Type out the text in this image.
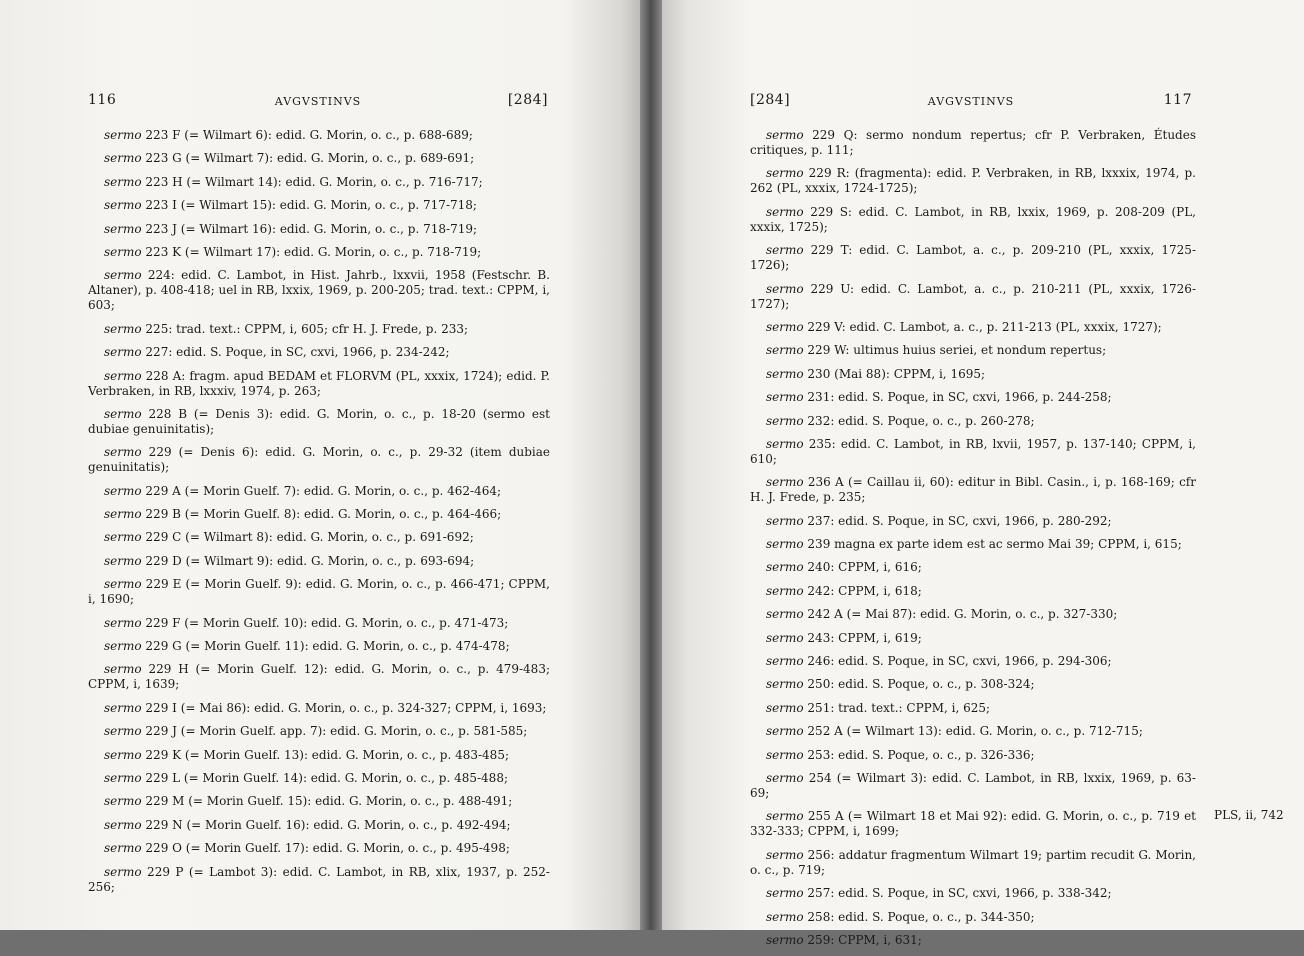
116	AVGVSTINVS	[284]

sermo 223 F (= Wilmart 6): edid. G. Morin, o. c., p. 688-689;

sermo 223 G (= Wilmart 7): edid. G. Morin, o. c., p. 689-691;

sermo 223 H (= Wilmart 14): edid. G. Morin, o. c., p. 716-717;

sermo 223 I (= Wilmart 15): edid. G. Morin, o. c., p. 717-718;

sermo 223 J (= Wilmart 16): edid. G. Morin, o. c., p. 718-719;

sermo 223 K (= Wilmart 17): edid. G. Morin, o. c., p. 718-719;

sermo 224: edid. C. Lambot, in Hist. Jahrb., lxxvii, 1958 (Festschr. B. Altaner), p. 408-418; uel in RB, lxxix, 1969, p. 200-205; trad. text.: CPPM, i, 603;

sermo 225: trad. text.: CPPM, i, 605; cfr H. J. Frede, p. 233;

sermo 227: edid. S. Poque, in SC, cxvi, 1966, p. 234-242;

sermo 228 A: fragm. apud BEDAM et FLORVM (PL, xxxix, 1724); edid. P. Verbraken, in RB, lxxxiv, 1974, p. 263;

sermo 228 B (= Denis 3): edid. G. Morin, o. c., p. 18-20 (sermo est dubiae genuinitatis);

sermo 229 (= Denis 6): edid. G. Morin, o. c., p. 29-32 (item dubiae genuinitatis);

sermo 229 A (= Morin Guelf. 7): edid. G. Morin, o. c., p. 462-464;

sermo 229 B (= Morin Guelf. 8): edid. G. Morin, o. c., p. 464-466;

sermo 229 C (= Wilmart 8): edid. G. Morin, o. c., p. 691-692;

sermo 229 D (= Wilmart 9): edid. G. Morin, o. c., p. 693-694;

sermo 229 E (= Morin Guelf. 9): edid. G. Morin, o. c., p. 466-471; CPPM, i, 1690;

sermo 229 F (= Morin Guelf. 10): edid. G. Morin, o. c., p. 471-473;

sermo 229 G (= Morin Guelf. 11): edid. G. Morin, o. c., p. 474-478;

sermo 229 H (= Morin Guelf. 12): edid. G. Morin, o. c., p. 479-483; CPPM, i, 1639;

sermo 229 I (= Mai 86): edid. G. Morin, o. c., p. 324-327; CPPM, i, 1693;

sermo 229 J (= Morin Guelf. app. 7): edid. G. Morin, o. c., p. 581-585;

sermo 229 K (= Morin Guelf. 13): edid. G. Morin, o. c., p. 483-485;

sermo 229 L (= Morin Guelf. 14): edid. G. Morin, o. c., p. 485-488;

sermo 229 M (= Morin Guelf. 15): edid. G. Morin, o. c., p. 488-491;

sermo 229 N (= Morin Guelf. 16): edid. G. Morin, o. c., p. 492-494;

sermo 229 O (= Morin Guelf. 17): edid. G. Morin, o. c., p. 495-498;

sermo 229 P (= Lambot 3): edid. C. Lambot, in RB, xlix, 1937, p. 252-256;

[284]	AVGVSTINVS	117

sermo 229 Q: sermo nondum repertus; cfr P. Verbraken, Études critiques, p. 111;

sermo 229 R: (fragmenta): edid. P. Verbraken, in RB, lxxxix, 1974, p. 262 (PL, xxxix, 1724-1725);

sermo 229 S: edid. C. Lambot, in RB, lxxix, 1969, p. 208-209 (PL, xxxix, 1725);

sermo 229 T: edid. C. Lambot, a. c., p. 209-210 (PL, xxxix, 1725-1726);

sermo 229 U: edid. C. Lambot, a. c., p. 210-211 (PL, xxxix, 1726-1727);

sermo 229 V: edid. C. Lambot, a. c., p. 211-213 (PL, xxxix, 1727);

sermo 229 W: ultimus huius seriei, et nondum repertus;

sermo 230 (Mai 88): CPPM, i, 1695;

sermo 231: edid. S. Poque, in SC, cxvi, 1966, p. 244-258;

sermo 232: edid. S. Poque, o. c., p. 260-278;

sermo 235: edid. C. Lambot, in RB, lxvii, 1957, p. 137-140; CPPM, i, 610;

sermo 236 A (= Caillau ii, 60): editur in Bibl. Casin., i, p. 168-169; cfr H. J. Frede, p. 235;

sermo 237: edid. S. Poque, in SC, cxvi, 1966, p. 280-292;

sermo 239 magna ex parte idem est ac sermo Mai 39; CPPM, i, 615;

sermo 240: CPPM, i, 616;

sermo 242: CPPM, i, 618;

sermo 242 A (= Mai 87): edid. G. Morin, o. c., p. 327-330;

sermo 243: CPPM, i, 619;

sermo 246: edid. S. Poque, in SC, cxvi, 1966, p. 294-306;

sermo 250: edid. S. Poque, o. c., p. 308-324;

sermo 251: trad. text.: CPPM, i, 625;

sermo 252 A (= Wilmart 13): edid. G. Morin, o. c., p. 712-715;

sermo 253: edid. S. Poque, o. c., p. 326-336;

sermo 254 (= Wilmart 3): edid. C. Lambot, in RB, lxxix, 1969, p. 63-69;

sermo 255 A (= Wilmart 18 et Mai 92): edid. G. Morin, o. c., p. 719 et 332-333; CPPM, i, 1699;

sermo 256: addatur fragmentum Wilmart 19; partim recudit G. Morin, o. c., p. 719;

sermo 257: edid. S. Poque, in SC, cxvi, 1966, p. 338-342;

sermo 258: edid. S. Poque, o. c., p. 344-350;

sermo 259: CPPM, i, 631;

PLS, ii, 742
